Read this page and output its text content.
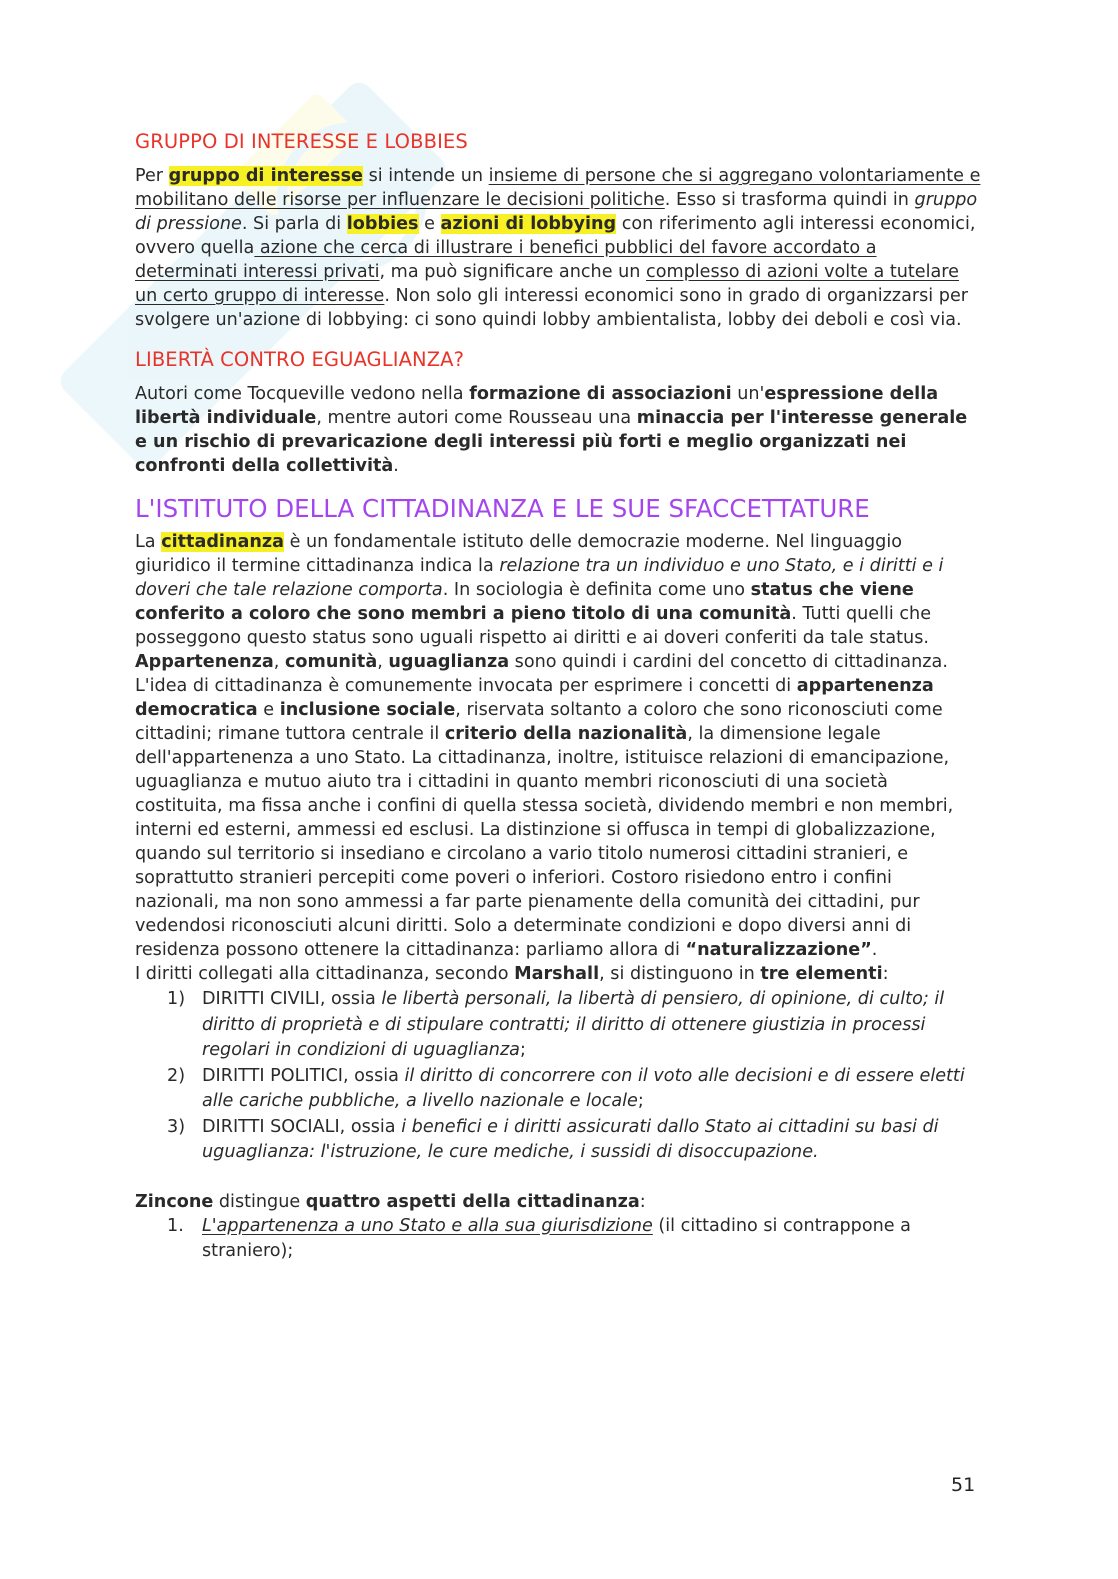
GRUPPO DI INTERESSE E LOBBIES

Per gruppo di interesse si intende un insieme di persone che si aggregano volontariamente e mobilitano delle risorse per influenzare le decisioni politiche. Esso si trasforma quindi in gruppo di pressione. Si parla di lobbies e azioni di lobbying con riferimento agli interessi economici, ovvero quella azione che cerca di illustrare i benefici pubblici del favore accordato a determinati interessi privati, ma può significare anche un complesso di azioni volte a tutelare un certo gruppo di interesse. Non solo gli interessi economici sono in grado di organizzarsi per svolgere un'azione di lobbying: ci sono quindi lobby ambientalista, lobby dei deboli e così via.

LIBERTÀ CONTRO EGUAGLIANZA?

Autori come Tocqueville vedono nella formazione di associazioni un'espressione della libertà individuale, mentre autori come Rousseau una minaccia per l'interesse generale e un rischio di prevaricazione degli interessi più forti e meglio organizzati nei confronti della collettività.

L'ISTITUTO DELLA CITTADINANZA E LE SUE SFACCETTATURE

La cittadinanza è un fondamentale istituto delle democrazie moderne. Nel linguaggio giuridico il termine cittadinanza indica la relazione tra un individuo e uno Stato, e i diritti e i doveri che tale relazione comporta. In sociologia è definita come uno status che viene conferito a coloro che sono membri a pieno titolo di una comunità. Tutti quelli che posseggono questo status sono uguali rispetto ai diritti e ai doveri conferiti da tale status.

Appartenenza, comunità, uguaglianza sono quindi i cardini del concetto di cittadinanza.

L'idea di cittadinanza è comunemente invocata per esprimere i concetti di appartenenza democratica e inclusione sociale, riservata soltanto a coloro che sono riconosciuti come cittadini; rimane tuttora centrale il criterio della nazionalità, la dimensione legale dell'appartenenza a uno Stato. La cittadinanza, inoltre, istituisce relazioni di emancipazione, uguaglianza e mutuo aiuto tra i cittadini in quanto membri riconosciuti di una società costituita, ma fissa anche i confini di quella stessa società, dividendo membri e non membri, interni ed esterni, ammessi ed esclusi. La distinzione si offusca in tempi di globalizzazione, quando sul territorio si insediano e circolano a vario titolo numerosi cittadini stranieri, e soprattutto stranieri percepiti come poveri o inferiori. Costoro risiedono entro i confini nazionali, ma non sono ammessi a far parte pienamente della comunità dei cittadini, pur vedendosi riconosciuti alcuni diritti. Solo a determinate condizioni e dopo diversi anni di residenza possono ottenere la cittadinanza: parliamo allora di “naturalizzazione”.

I diritti collegati alla cittadinanza, secondo Marshall, si distinguono in tre elementi:

1) DIRITTI CIVILI, ossia le libertà personali, la libertà di pensiero, di opinione, di culto; il diritto di proprietà e di stipulare contratti; il diritto di ottenere giustizia in processi regolari in condizioni di uguaglianza;
2) DIRITTI POLITICI, ossia il diritto di concorrere con il voto alle decisioni e di essere eletti alle cariche pubbliche, a livello nazionale e locale;
3) DIRITTI SOCIALI, ossia i benefici e i diritti assicurati dallo Stato ai cittadini su basi di uguaglianza: l'istruzione, le cure mediche, i sussidi di disoccupazione.

Zincone distingue quattro aspetti della cittadinanza:

1. L'appartenenza a uno Stato e alla sua giurisdizione (il cittadino si contrappone a straniero);
51
